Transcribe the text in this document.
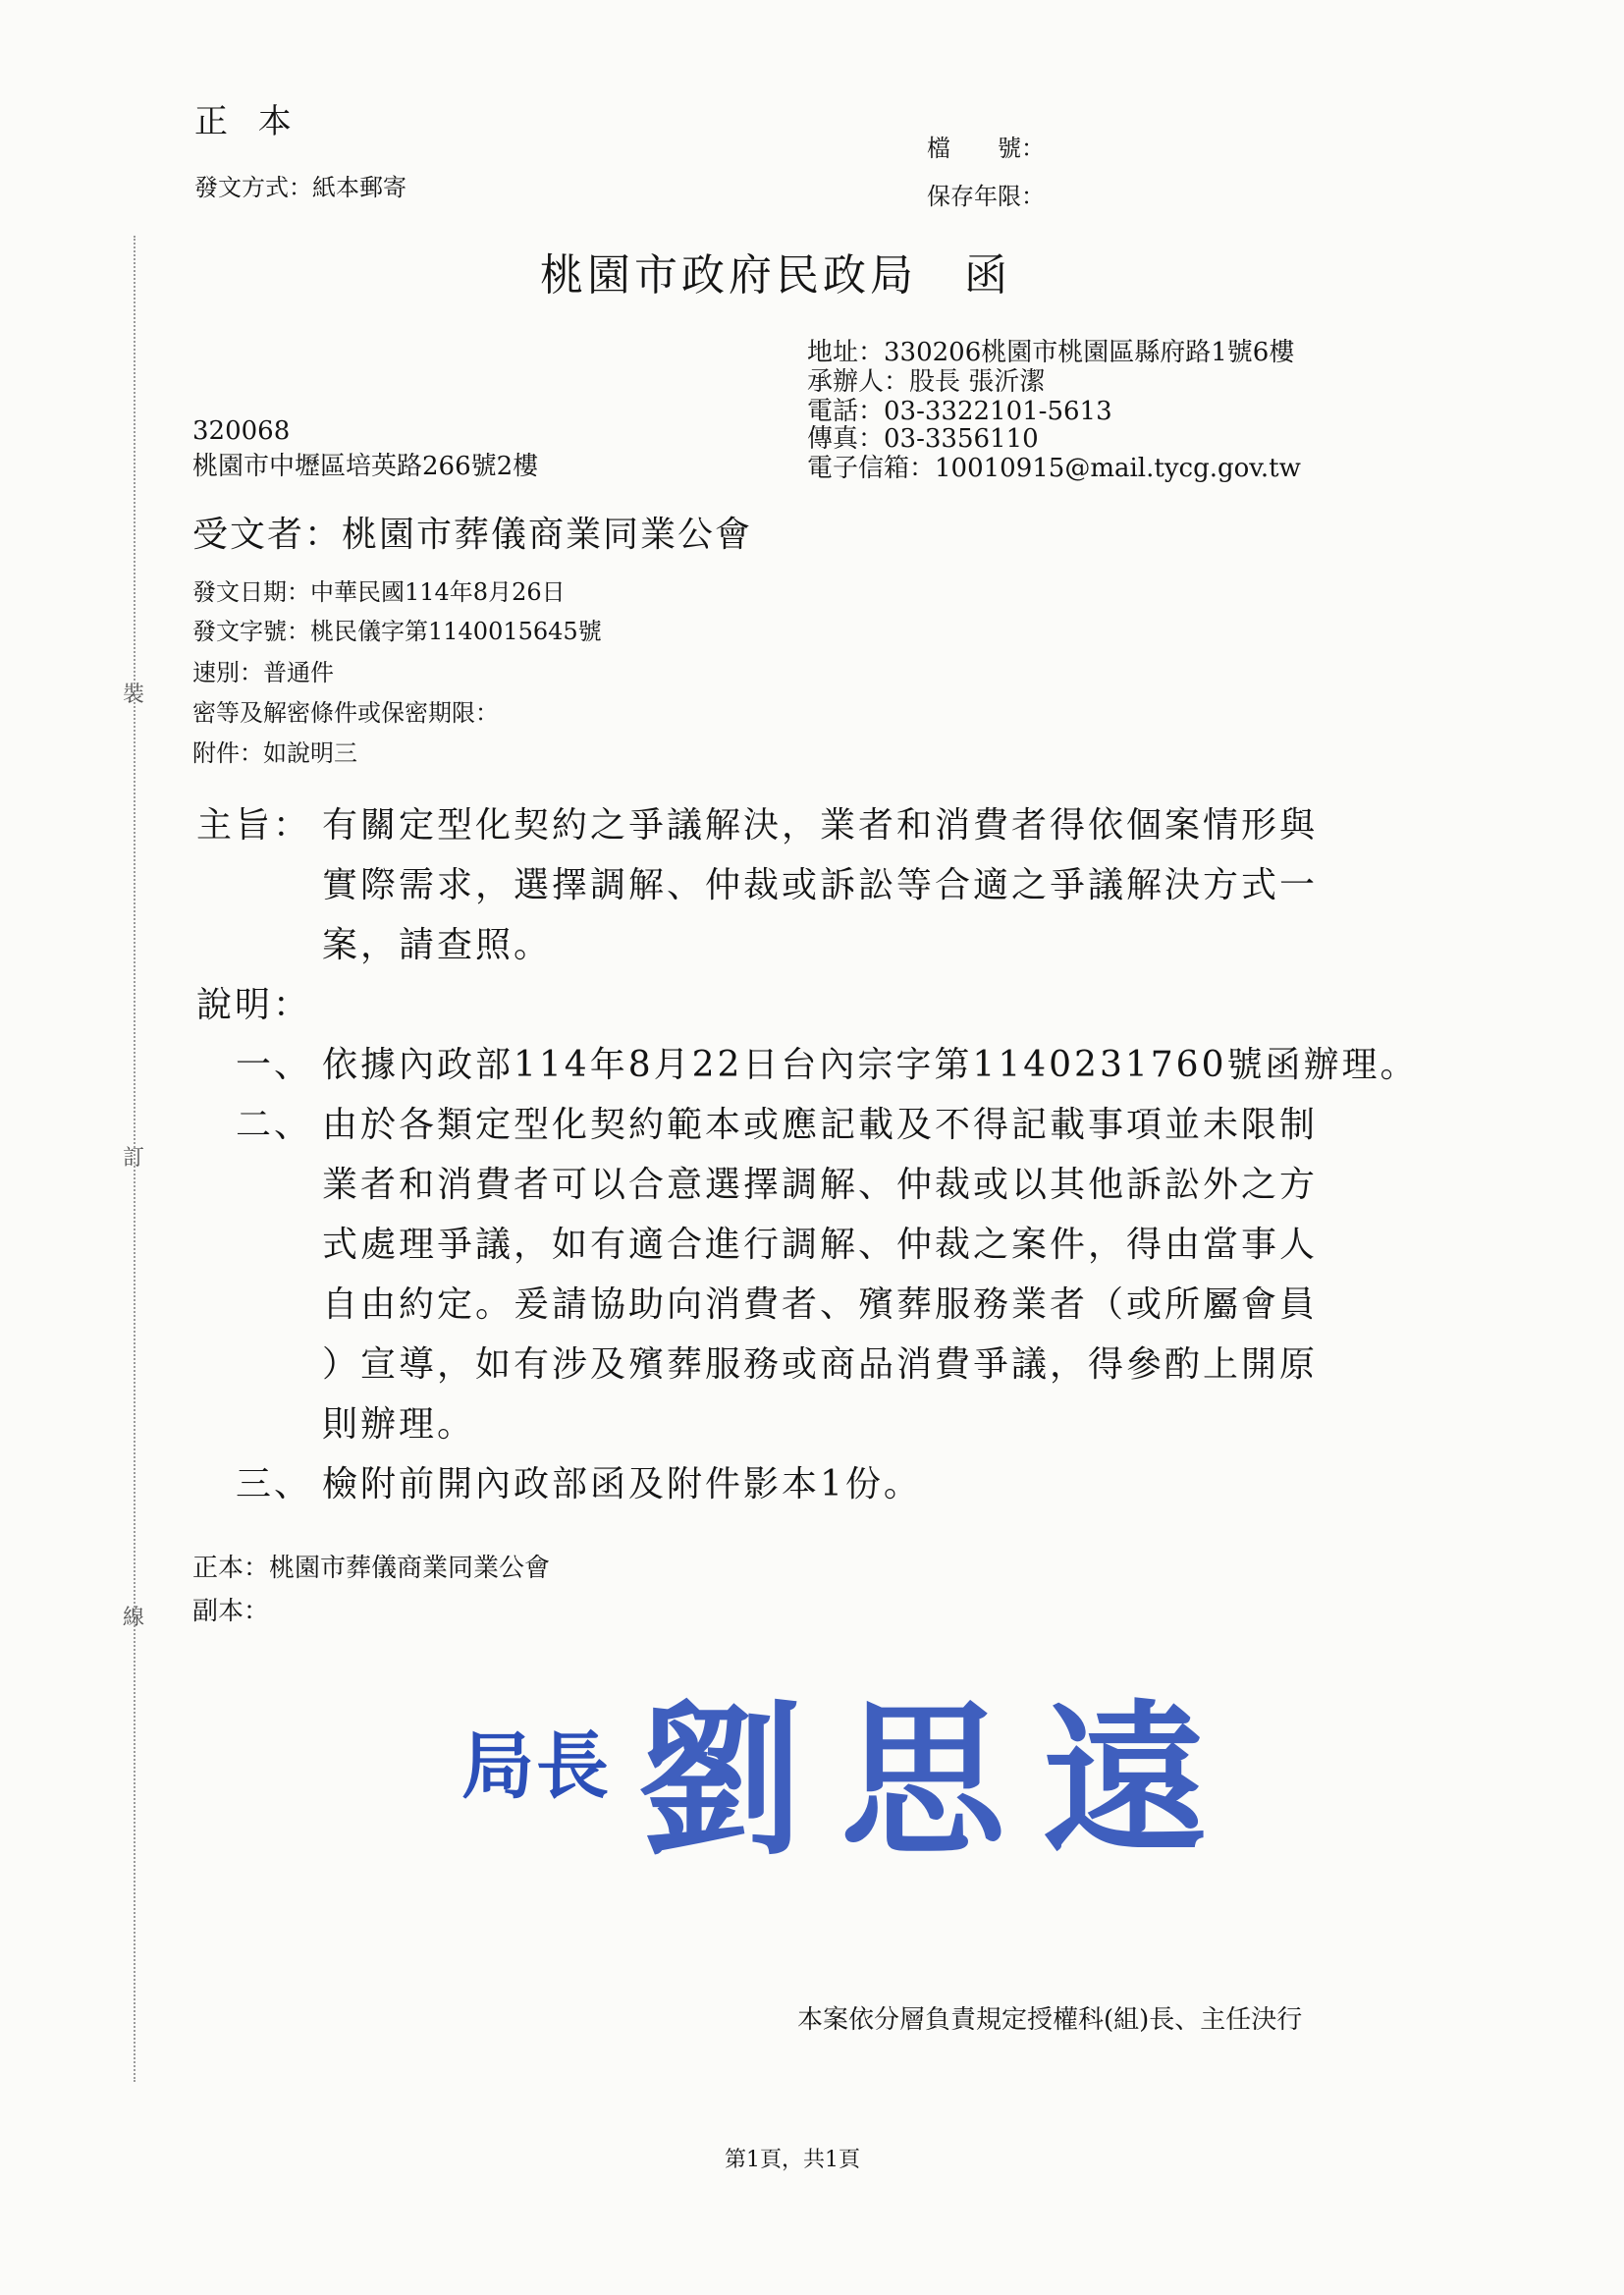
裝
訂
線
正 本
發文方式：紙本郵寄
檔　　號：
保存年限：
桃園市政府民政局 函
地址：330206桃園市桃園區縣府路1號6樓
承辦人：股長 張沂潔
電話：03-3322101-5613
傳真：03-3356110
電子信箱：10010915@mail.tycg.gov.tw
320068
桃園市中壢區培英路266號2樓
受文者：桃園市葬儀商業同業公會
發文日期：中華民國114年8月26日
發文字號：桃民儀字第1140015645號
速別：普通件
密等及解密條件或保密期限：
附件：如說明三
主旨： 有關定型化契約之爭議解決，業者和消費者得依個案情形與
實際需求，選擇調解、仲裁或訴訟等合適之爭議解決方式一
案，請查照。
說明：
一、 依據內政部114年8月22日台內宗字第1140231760號函辦理。
二、 由於各類定型化契約範本或應記載及不得記載事項並未限制
業者和消費者可以合意選擇調解、仲裁或以其他訴訟外之方
式處理爭議，如有適合進行調解、仲裁之案件，得由當事人
自由約定。爰請協助向消費者、殯葬服務業者（或所屬會員
）宣導，如有涉及殯葬服務或商品消費爭議，得參酌上開原
則辦理。
三、 檢附前開內政部函及附件影本1份。
正本：桃園市葬儀商業同業公會
副本：
局長 劉思遠
本案依分層負責規定授權科(組)長、主任決行
第1頁，共1頁
